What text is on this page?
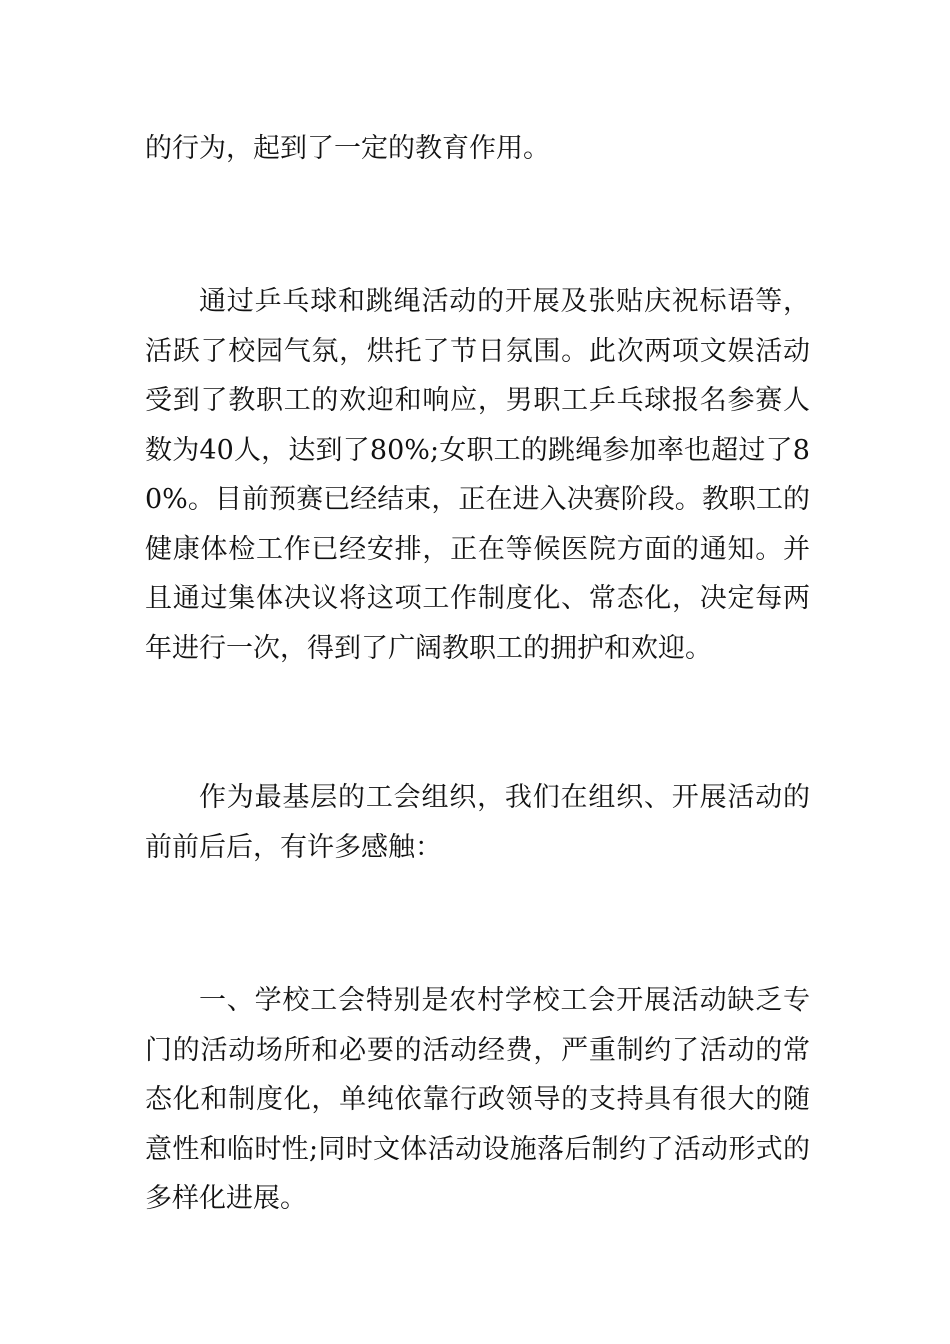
的行为，起到了一定的教育作用。

通过乒乓球和跳绳活动的开展及张贴庆祝标语等，活跃了校园气氛，烘托了节日氛围。此次两项文娱活动受到了教职工的欢迎和响应，男职工乒乓球报名参赛人数为40人，达到了80%;女职工的跳绳参加率也超过了80%。目前预赛已经结束，正在进入决赛阶段。教职工的健康体检工作已经安排，正在等候医院方面的通知。并且通过集体决议将这项工作制度化、常态化，决定每两年进行一次，得到了广阔教职工的拥护和欢迎。

作为最基层的工会组织，我们在组织、开展活动的前前后后，有许多感触：

一、学校工会特别是农村学校工会开展活动缺乏专门的活动场所和必要的活动经费，严重制约了活动的常态化和制度化，单纯依靠行政领导的支持具有很大的随意性和临时性;同时文体活动设施落后制约了活动形式的多样化进展。
